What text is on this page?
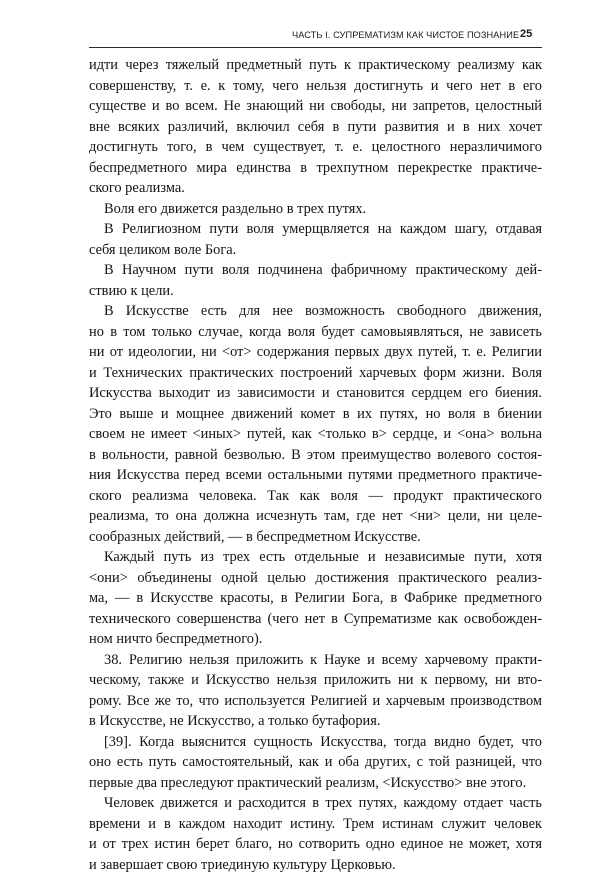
ЧАСТЬ I. СУПРЕМАТИЗМ КАК ЧИСТОЕ ПОЗНАНИЕ 25

идти через тяжелый предметный путь к практическому реализму как
совершенству, т. е. к тому, чего нельзя достигнуть и чего нет в его
существе и во всем. Не знающий ни свободы, ни запретов, целостный
вне всяких различий, включил себя в пути развития и в них хочет
достигнуть того, в чем существует, т. е. целостного неразличимого
беспредметного мира единства в трехпутном перекрестке практиче-
ского реализма.

Воля его движется раздельно в трех путях.

В Религиозном пути воля умерщвляется на каждом шагу, отдавая
себя целиком воле Бога.

В Научном пути воля подчинена фабричному практическому дей-
ствию к цели.

В Искусстве есть для нее возможность свободного движения,
но в том только случае, когда воля будет самовыявляться, не зависеть
ни от идеологии, ни <от> содержания первых двух путей, т. е. Религии
и Технических практических построений харчевых форм жизни. Воля
Искусства выходит из зависимости и становится сердцем его биения.
Это выше и мощнее движений комет в их путях, но воля в биении
своем не имеет <иных> путей, как <только в> сердце, и <она> вольна
в вольности, равной безволью. В этом преимущество волевого состоя-
ния Искусства перед всеми остальными путями предметного практиче-
ского реализма человека. Так как воля — продукт практического
реализма, то она должна исчезнуть там, где нет <ни> цели, ни целе-
сообразных действий, — в беспредметном Искусстве.

Каждый путь из трех есть отдельные и независимые пути, хотя
<они> объединены одной целью достижения практического реализ-
ма, — в Искусстве красоты, в Религии Бога, в Фабрике предметного
технического совершенства (чего нет в Супрематизме как освобожден-
ном ничто беспредметного).

38. Религию нельзя приложить к Науке и всему харчевому практи-
ческому, также и Искусство нельзя приложить ни к первому, ни вто-
рому. Все же то, что используется Религией и харчевым производством
в Искусстве, не Искусство, а только бутафория.

[39]. Когда выяснится сущность Искусства, тогда видно будет, что
оно есть путь самостоятельный, как и оба других, с той разницей, что
первые два преследуют практический реализм, <Искусство> вне этого.

Человек движется и расходится в трех путях, каждому отдает часть
времени и в каждом находит истину. Трем истинам служит человек
и от трех истин берет благо, но сотворить одно единое не может, хотя
и завершает свою триединую культуру Церковью.
